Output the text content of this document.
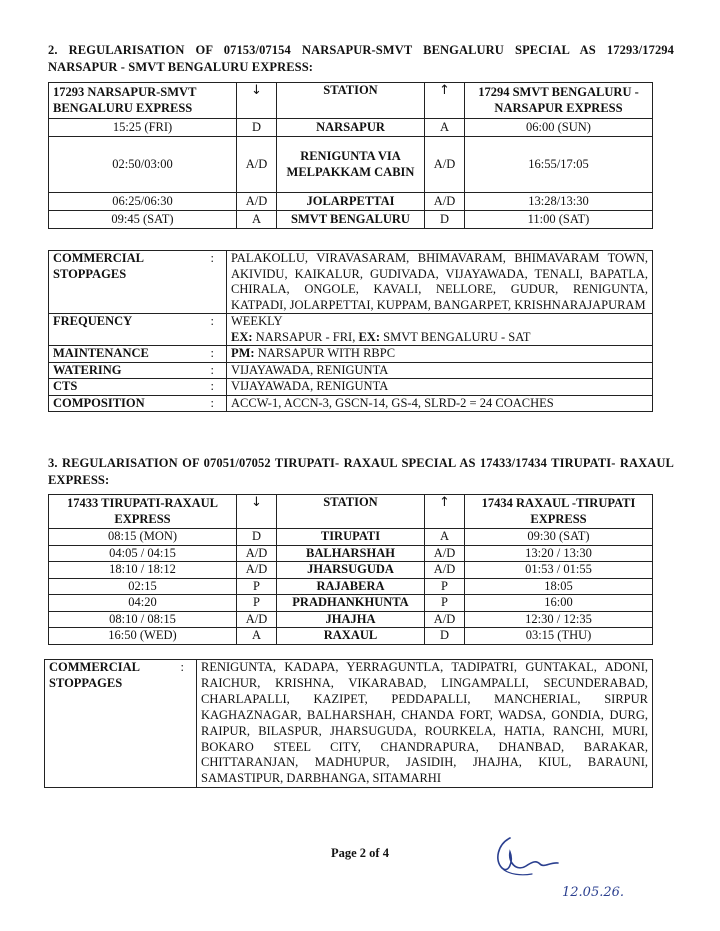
2. REGULARISATION OF 07153/07154 NARSAPUR-SMVT BENGALURU SPECIAL AS 17293/17294 NARSAPUR - SMVT BENGALURU EXPRESS:
17293 NARSAPUR-SMVT BENGALURU EXPRESS	↓	STATION	↑	17294 SMVT BENGALURU - NARSAPUR EXPRESS
15:25 (FRI)	D	NARSAPUR	A	06:00 (SUN)
02:50/03:00	A/D	RENIGUNTA VIA MELPAKKAM CABIN	A/D	16:55/17:05
06:25/06:30	A/D	JOLARPETTAI	A/D	13:28/13:30
09:45 (SAT)	A	SMVT BENGALURU	D	11:00 (SAT)
COMMERCIAL STOPPAGES	:	PALAKOLLU, VIRAVASARAM, BHIMAVARAM, BHIMAVARAM TOWN, AKIVIDU, KAIKALUR, GUDIVADA, VIJAYAWADA, TENALI, BAPATLA, CHIRALA, ONGOLE, KAVALI, NELLORE, GUDUR, RENIGUNTA, KATPADI, JOLARPETTAI, KUPPAM, BANGARPET, KRISHNARAJAPURAM
FREQUENCY	:	WEEKLY
EX: NARSAPUR - FRI, EX: SMVT BENGALURU - SAT

MAINTENANCE	:	PM: NARSAPUR WITH RBPC
WATERING	:	VIJAYAWADA, RENIGUNTA
CTS	:	VIJAYAWADA, RENIGUNTA
COMPOSITION	:	ACCW-1, ACCN-3, GSCN-14, GS-4, SLRD-2 = 24 COACHES
3. REGULARISATION OF 07051/07052 TIRUPATI- RAXAUL SPECIAL AS 17433/17434 TIRUPATI- RAXAUL EXPRESS:
17433 TIRUPATI-RAXAUL EXPRESS	↓	STATION	↑	17434 RAXAUL -TIRUPATI EXPRESS
08:15 (MON)	D	TIRUPATI	A	09:30 (SAT)
04:05 / 04:15	A/D	BALHARSHAH	A/D	13:20 / 13:30
18:10 / 18:12	A/D	JHARSUGUDA	A/D	01:53 / 01:55
02:15	P	RAJABERA	P	18:05
04:20	P	PRADHANKHUNTA	P	16:00
08:10 / 08:15	A/D	JHAJHA	A/D	12:30 / 12:35
16:50 (WED)	A	RAXAUL	D	03:15 (THU)
COMMERCIAL STOPPAGES	:	RENIGUNTA, KADAPA, YERRAGUNTLA, TADIPATRI, GUNTAKAL, ADONI, RAICHUR, KRISHNA, VIKARABAD, LINGAMPALLI, SECUNDERABAD, CHARLAPALLI, KAZIPET, PEDDAPALLI, MANCHERIAL, SIRPUR KAGHAZNAGAR, BALHARSHAH, CHANDA FORT, WADSA, GONDIA, DURG, RAIPUR, BILASPUR, JHARSUGUDA, ROURKELA, HATIA, RANCHI, MURI, BOKARO STEEL CITY, CHANDRAPURA, DHANBAD, BARAKAR, CHITTARANJAN, MADHUPUR, JASIDIH, JHAJHA, KIUL, BARAUNI, SAMASTIPUR, DARBHANGA, SITAMARHI
Page 2 of 4
12.05.26.
